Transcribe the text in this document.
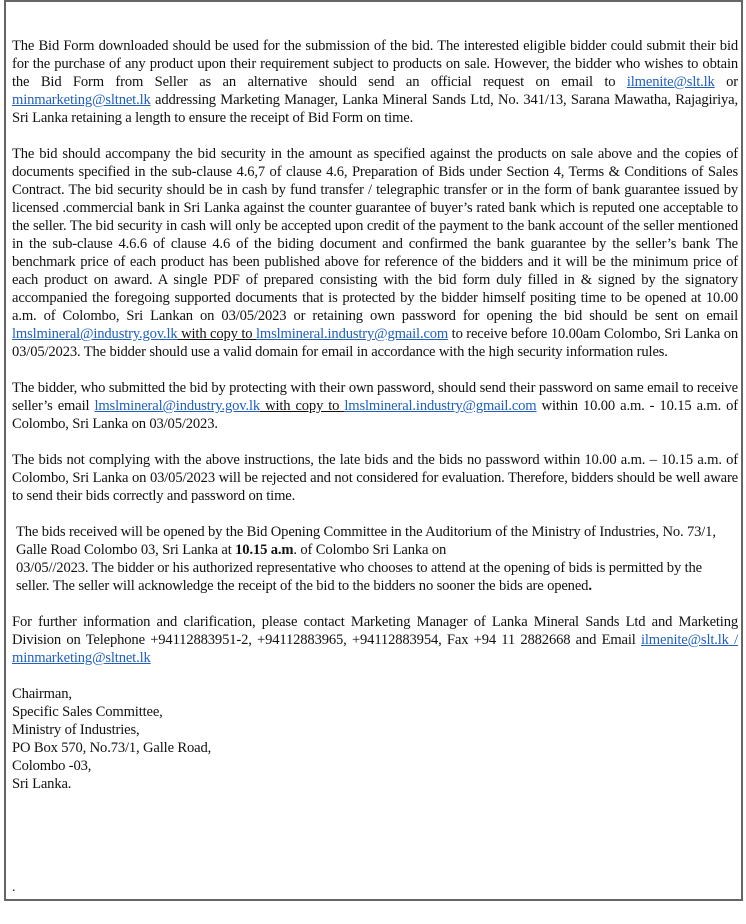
The Bid Form downloaded should be used for the submission of the bid. The interested eligible bidder could submit their bid for the purchase of any product upon their requirement subject to products on sale. However, the bidder who wishes to obtain the Bid Form from Seller as an alternative should send an official request on email to ilmenite@slt.lk or minmarketing@sltnet.lk addressing Marketing Manager, Lanka Mineral Sands Ltd, No. 341/13, Sarana Mawatha, Rajagiriya, Sri Lanka retaining a length to ensure the receipt of Bid Form on time.

The bid should accompany the bid security in the amount as specified against the products on sale above and the copies of documents specified in the sub-clause 4.6,7 of clause 4.6, Preparation of Bids under Section 4, Terms & Conditions of Sales Contract. The bid security should be in cash by fund transfer / telegraphic transfer or in the form of bank guarantee issued by licensed .commercial bank in Sri Lanka against the counter guarantee of buyer’s rated bank which is reputed one acceptable to the seller. The bid security in cash will only be accepted upon credit of the payment to the bank account of the seller mentioned in the sub-clause 4.6.6 of clause 4.6 of the biding document and confirmed the bank guarantee by the seller’s bank The benchmark price of each product has been published above for reference of the bidders and it will be the minimum price of each product on award. A single PDF of prepared consisting with the bid form duly filled in & signed by the signatory accompanied the foregoing supported documents that is protected by the bidder himself positing time to be opened at 10.00 a.m. of Colombo, Sri Lankan on 03/05/2023 or retaining own password for opening the bid should be sent on email lmslmineral@industry.gov.lk with copy to lmslmineral.industry@gmail.com to receive before 10.00am Colombo, Sri Lanka on 03/05/2023. The bidder should use a valid domain for email in accordance with the high security information rules.

The bidder, who submitted the bid by protecting with their own password, should send their password on same email to receive seller’s email lmslmineral@industry.gov.lk with copy to lmslmineral.industry@gmail.com within 10.00 a.m. - 10.15 a.m. of Colombo, Sri Lanka on 03/05/2023.

The bids not complying with the above instructions, the late bids and the bids no password within 10.00 a.m. – 10.15 a.m. of Colombo, Sri Lanka on 03/05/2023 will be rejected and not considered for evaluation. Therefore, bidders should be well aware to send their bids correctly and password on time.

The bids received will be opened by the Bid Opening Committee in the Auditorium of the Ministry of Industries, No. 73/1, Galle Road Colombo 03, Sri Lanka at 10.15 a.m. of Colombo Sri Lanka on
03/05//2023. The bidder or his authorized representative who chooses to attend at the opening of bids is permitted by the seller. The seller will acknowledge the receipt of the bid to the bidders no sooner the bids are opened.

For further information and clarification, please contact Marketing Manager of Lanka Mineral Sands Ltd and Marketing Division on Telephone +94112883951-2, +94112883965, +94112883954, Fax +94 11 2882668 and Email ilmenite@slt.lk / minmarketing@sltnet.lk

Chairman,
Specific Sales Committee,
Ministry of Industries,
PO Box 570, No.73/1, Galle Road,
Colombo -03,
Sri Lanka.
.
